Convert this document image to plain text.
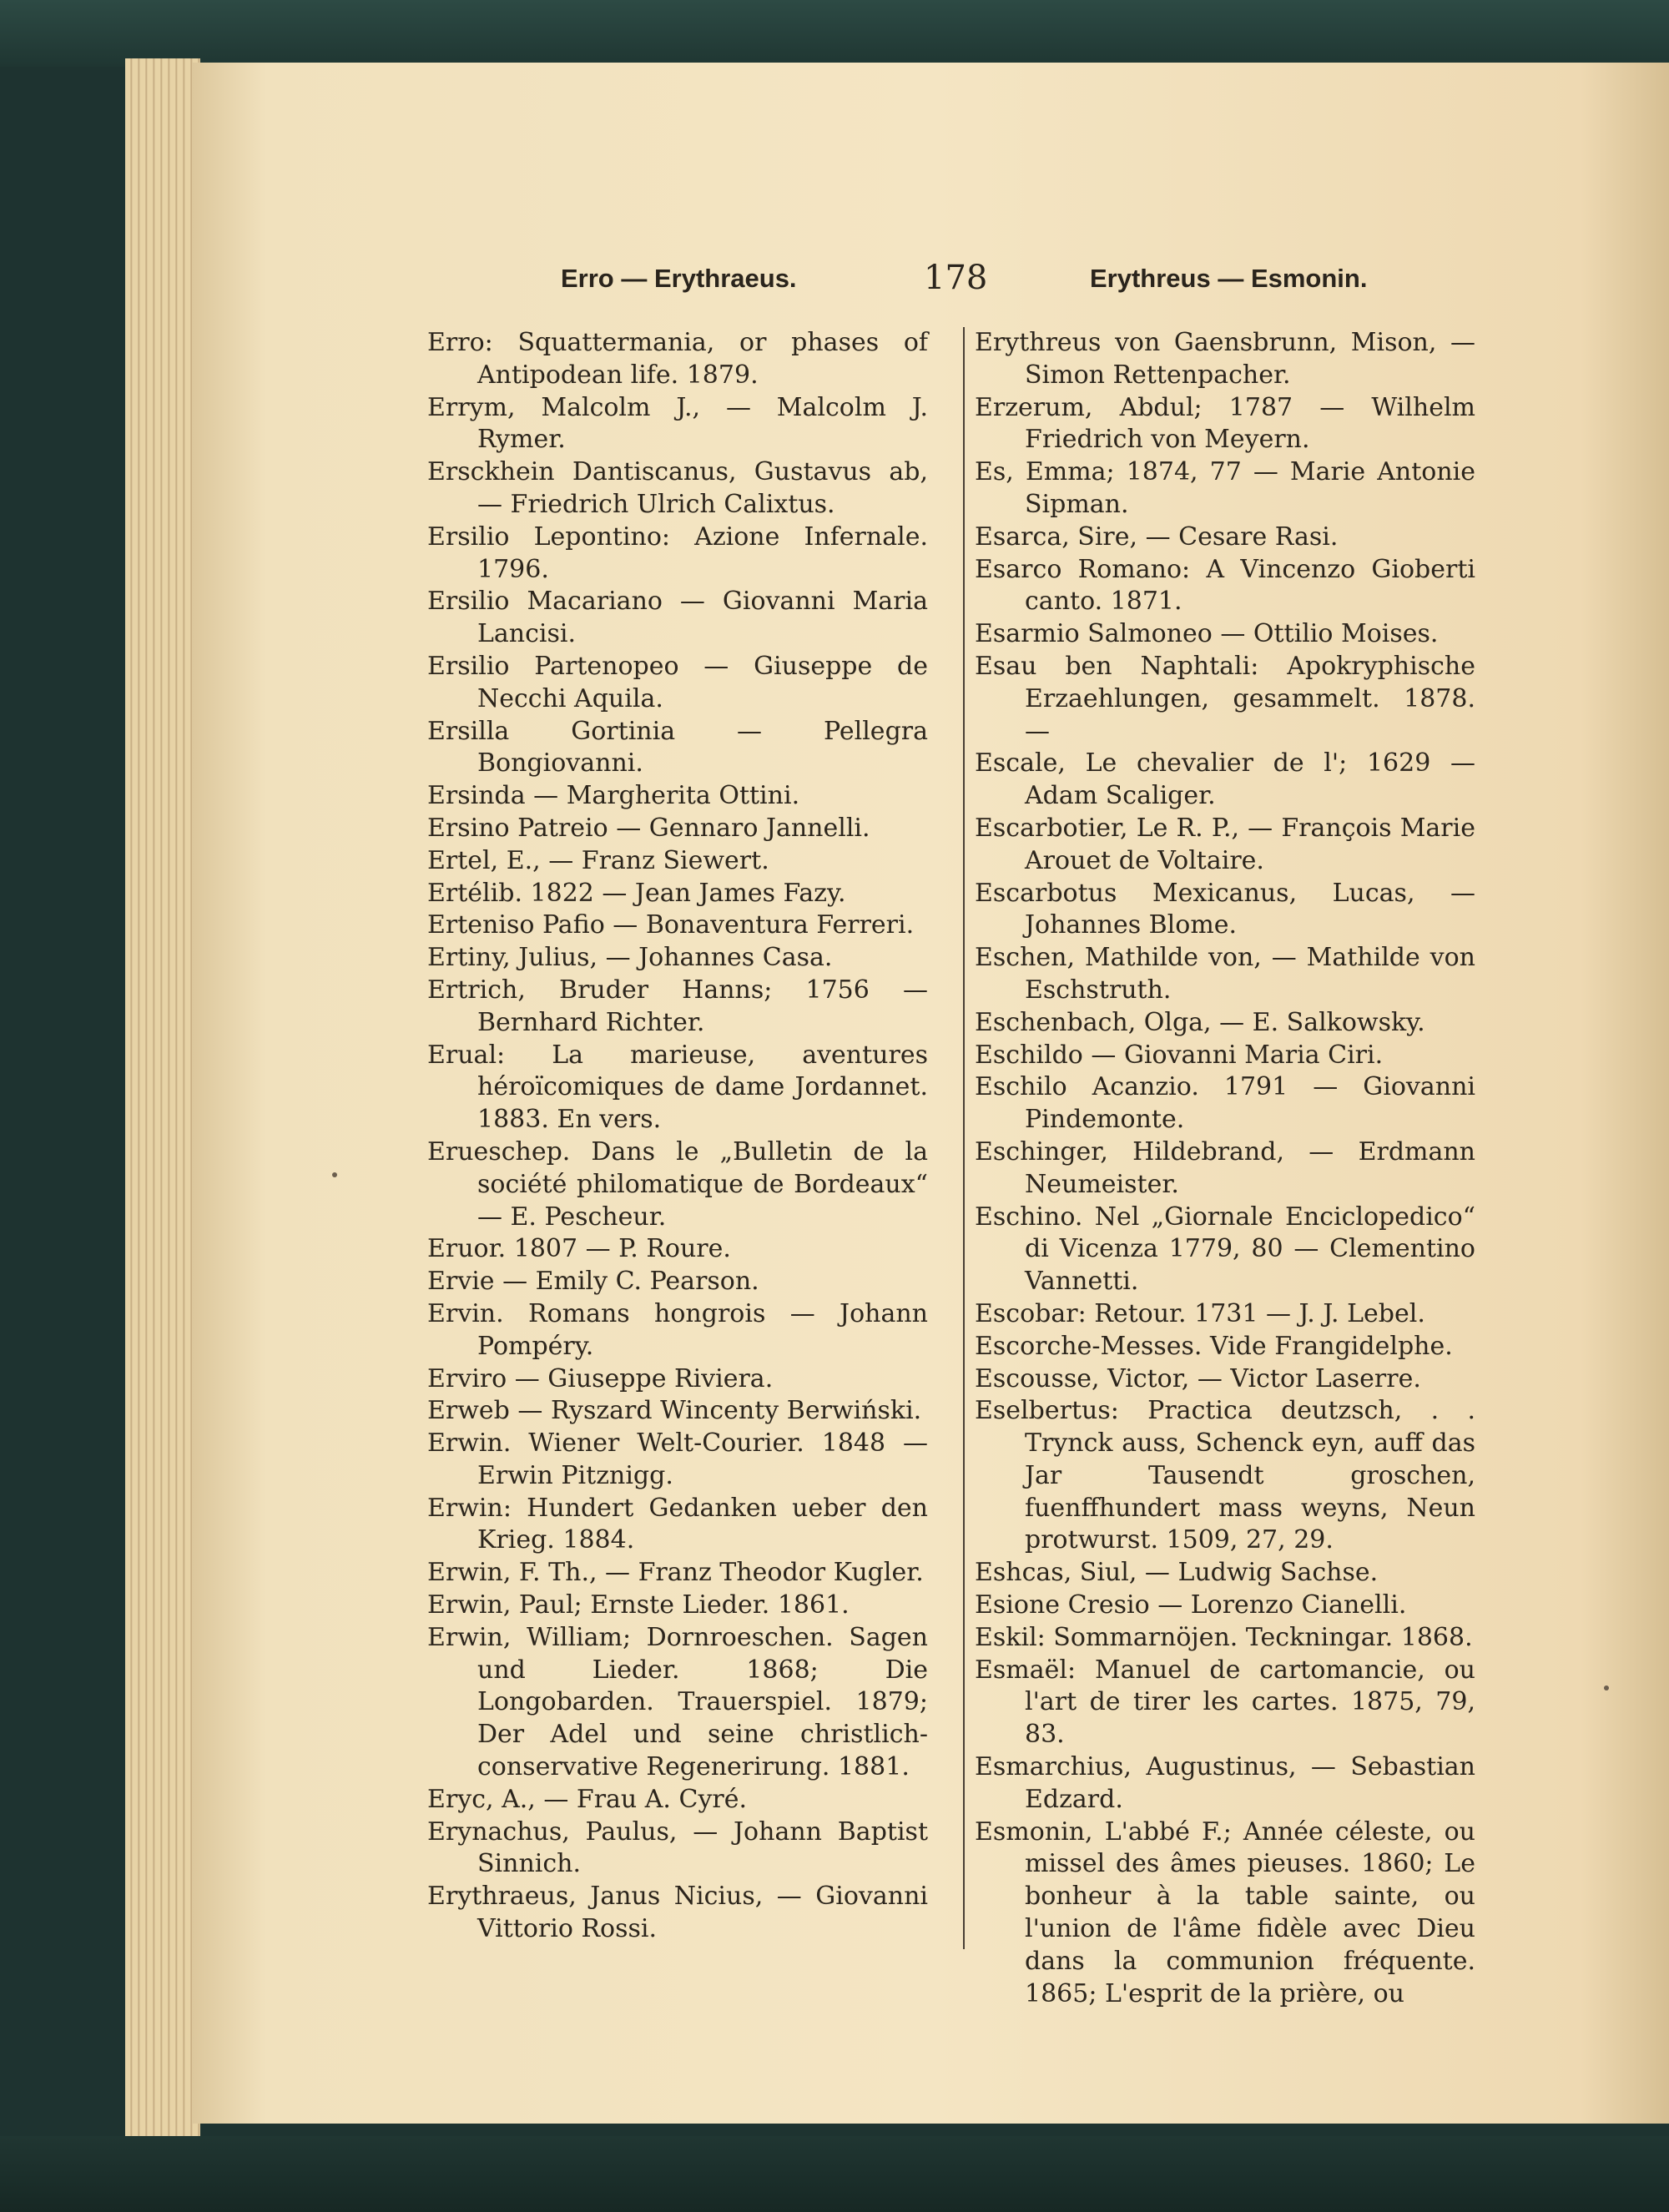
Erro — Erythraeus.	178	Erythreus — Esmonin.
Erro: Squattermania, or phases of Antipodean life. 1879.
Errym, Malcolm J., — Malcolm J. Rymer.
Ersckhein Dantiscanus, Gustavus ab, — Friedrich Ulrich Calixtus.
Ersilio Lepontino: Azione Infernale. 1796.
Ersilio Macariano — Giovanni Maria Lancisi.
Ersilio Partenopeo — Giuseppe de Necchi Aquila.
Ersilla Gortinia — Pellegra Bongiovanni.
Ersinda — Margherita Ottini.
Ersino Patreio — Gennaro Jannelli.
Ertel, E., — Franz Siewert.
Ertélib. 1822 — Jean James Fazy.
Erteniso Pafio — Bonaventura Ferreri.
Ertiny, Julius, — Johannes Casa.
Ertrich, Bruder Hanns; 1756 — Bernhard Richter.
Erual: La marieuse, aventures héroïcomiques de dame Jordannet. 1883. En vers.
Erueschep. Dans le „Bulletin de la société philomatique de Bordeaux“ — E. Pescheur.
Eruor. 1807 — P. Roure.
Ervie — Emily C. Pearson.
Ervin. Romans hongrois — Johann Pompéry.
Erviro — Giuseppe Riviera.
Erweb — Ryszard Wincenty Berwiński.
Erwin. Wiener Welt-Courier. 1848 — Erwin Pitznigg.
Erwin: Hundert Gedanken ueber den Krieg. 1884.
Erwin, F. Th., — Franz Theodor Kugler.
Erwin, Paul; Ernste Lieder. 1861.
Erwin, William; Dornroeschen. Sagen und Lieder. 1868; Die Longobarden. Trauerspiel. 1879; Der Adel und seine christlich-conservative Regenerirung. 1881.
Eryc, A., — Frau A. Cyré.
Erynachus, Paulus, — Johann Baptist Sinnich.
Erythraeus, Janus Nicius, — Giovanni Vittorio Rossi.
Erythreus von Gaensbrunn, Mison, — Simon Rettenpacher.
Erzerum, Abdul; 1787 — Wilhelm Friedrich von Meyern.
Es, Emma; 1874, 77 — Marie Antonie Sipman.
Esarca, Sire, — Cesare Rasi.
Esarco Romano: A Vincenzo Gioberti canto. 1871.
Esarmio Salmoneo — Ottilio Moises.
Esau ben Naphtali: Apokryphische Erzaehlungen, gesammelt. 1878. —
Escale, Le chevalier de l'; 1629 — Adam Scaliger.
Escarbotier, Le R. P., — François Marie Arouet de Voltaire.
Escarbotus Mexicanus, Lucas, — Johannes Blome.
Eschen, Mathilde von, — Mathilde von Eschstruth.
Eschenbach, Olga, — E. Salkowsky.
Eschildo — Giovanni Maria Ciri.
Eschilo Acanzio. 1791 — Giovanni Pindemonte.
Eschinger, Hildebrand, — Erdmann Neumeister.
Eschino. Nel „Giornale Enciclopedico“ di Vicenza 1779, 80 — Clementino Vannetti.
Escobar: Retour. 1731 — J. J. Lebel.
Escorche-Messes. Vide Frangidelphe.
Escousse, Victor, — Victor Laserre.
Eselbertus: Practica deutzsch, . . Trynck auss, Schenck eyn, auff das Jar Tausendt groschen, fuenffhundert mass weyns, Neun protwurst. 1509, 27, 29.
Eshcas, Siul, — Ludwig Sachse.
Esione Cresio — Lorenzo Cianelli.
Eskil: Sommarnöjen. Teckningar. 1868.
Esmaël: Manuel de cartomancie, ou l'art de tirer les cartes. 1875, 79, 83.
Esmarchius, Augustinus, — Sebastian Edzard.
Esmonin, L'abbé F.; Année céleste, ou missel des âmes pieuses. 1860; Le bonheur à la table sainte, ou l'union de l'âme fidèle avec Dieu dans la communion fréquente. 1865; L'esprit de la prière, ou
